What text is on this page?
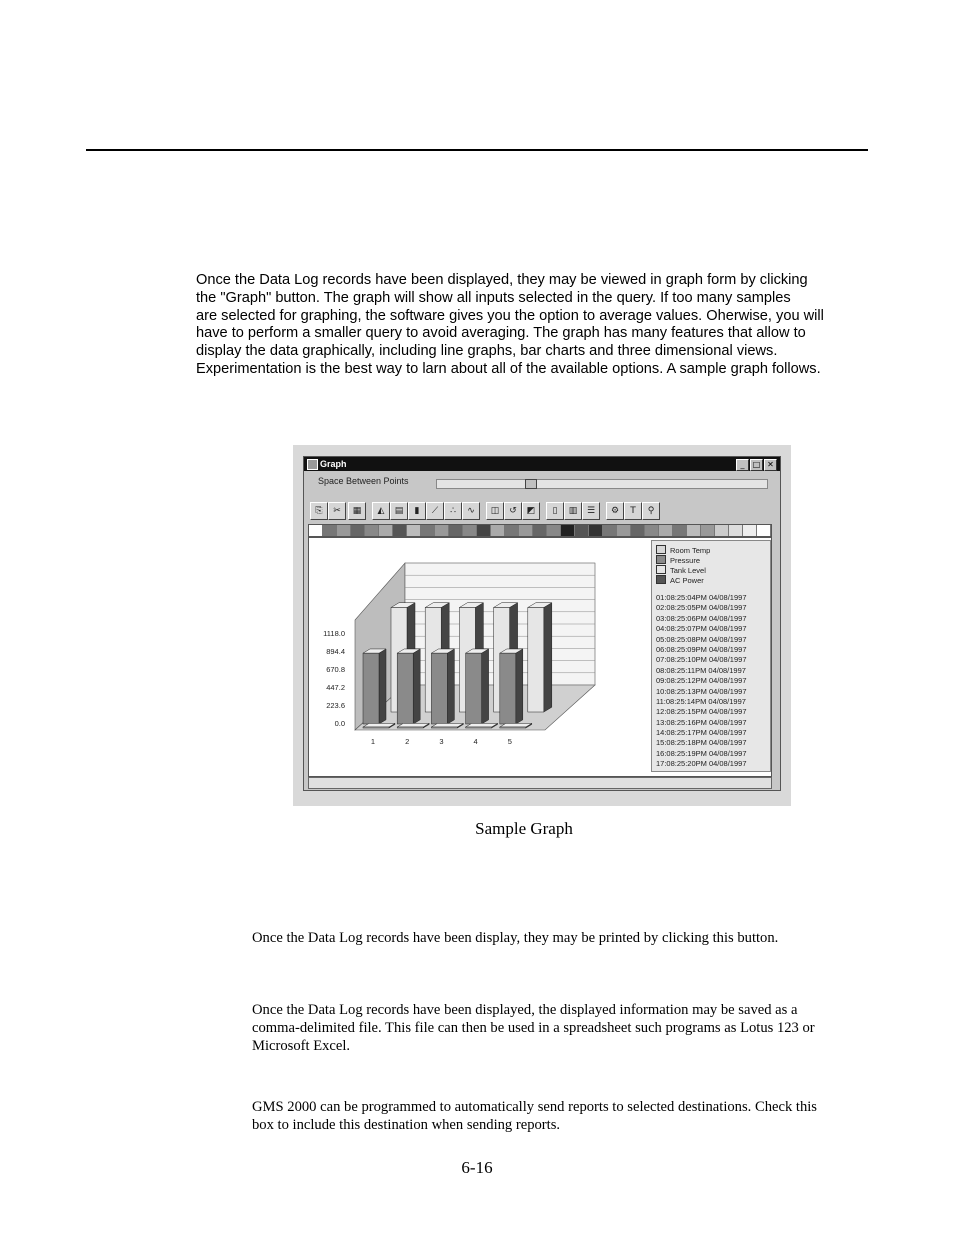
Once the Data Log records have been displayed, they may be viewed in graph form by clicking

the "Graph" button. The graph will show all inputs selected in the query. If too many samples

are selected for graphing, the software gives you the option to average values. Oherwise, you will

have to perform a smaller query to avoid averaging. The graph has many features that allow to

display the data graphically, including line graphs, bar charts and three dimensional views.

Experimentation is the best way to larn about all of the available options. A sample graph follows.

Graph	_	□ ✕
Space Between Points
⎘	✂	▦	◭	▤	▮	⟋	∴	∿	◫	↺	◩	▯	▥	☰	⚙	T	⚲
1118.0
894.4
670.8
447.2
223.6
0.0
1	2	3	4	5
Room Temp
Pressure
Tank Level
AC Power
01:08:25:04PM 04/08/1997
02:08:25:05PM 04/08/1997
03:08:25:06PM 04/08/1997
04:08:25:07PM 04/08/1997
05:08:25:08PM 04/08/1997
06:08:25:09PM 04/08/1997
07:08:25:10PM 04/08/1997
08:08:25:11PM 04/08/1997
09:08:25:12PM 04/08/1997
10:08:25:13PM 04/08/1997
11:08:25:14PM 04/08/1997
12:08:25:15PM 04/08/1997
13:08:25:16PM 04/08/1997
14:08:25:17PM 04/08/1997
15:08:25:18PM 04/08/1997
16:08:25:19PM 04/08/1997
17:08:25:20PM 04/08/1997
Sample Graph

Once the Data Log records have been display, they may be printed by clicking this button.

Once the Data Log records have been displayed, the displayed information may be saved as a

comma-delimited file. This file can then be used in a spreadsheet such programs as Lotus 123 or

Microsoft Excel.

GMS 2000 can be programmed to automatically send reports to selected destinations. Check this

box to include this destination when sending reports.

6-16
